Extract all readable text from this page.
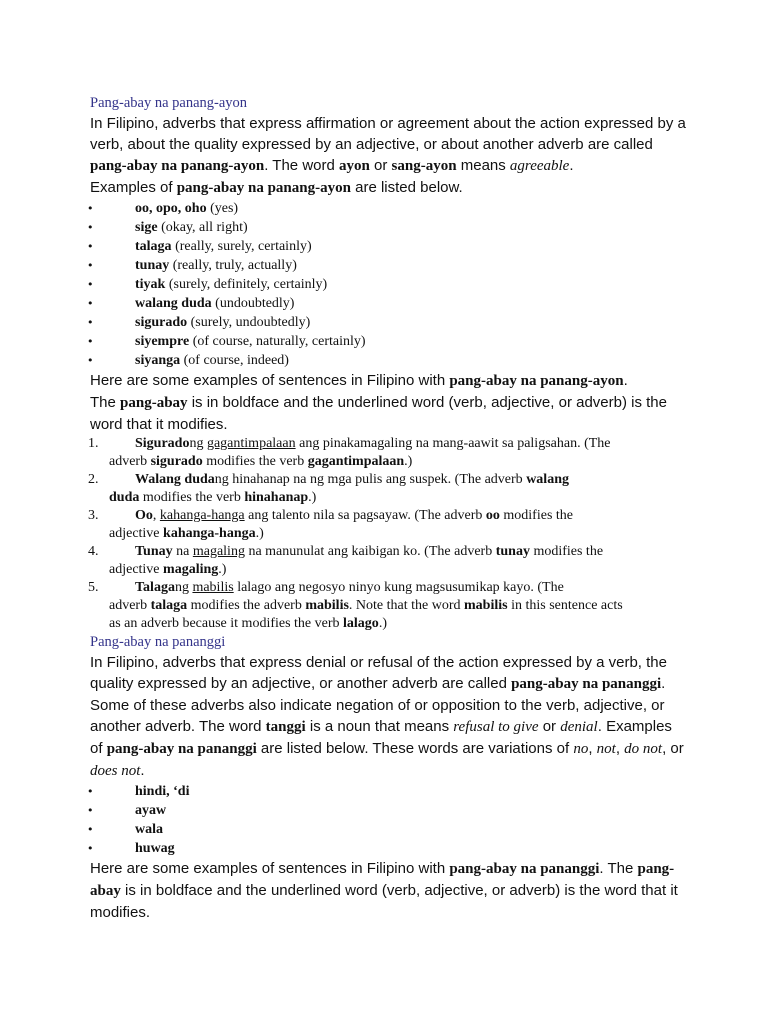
Pang-abay na panang-ayon

In Filipino, adverbs that express affirmation or agreement about the action expressed by a verb, about the quality expressed by an adjective, or about another adverb are called pang-abay na panang-ayon. The word ayon or sang-ayon means agreeable.

Examples of pang-abay na panang-ayon are listed below.

•	oo, opo, oho (yes)
•	sige (okay, all right)
•	talaga (really, surely, certainly)
•	tunay (really, truly, actually)
•	tiyak (surely, definitely, certainly)
•	walang duda (undoubtedly)
•	sigurado (surely, undoubtedly)
•	siyempre (of course, naturally, certainly)
•	siyanga (of course, indeed)

Here are some examples of sentences in Filipino with pang-abay na panang-ayon.
The pang-abay is in boldface and the underlined word (verb, adjective, or adverb) is the word that it modifies.

1.	Siguradong gagantimpalaan ang pinakamagaling na mang-aawit sa paligsahan. (The
adverb sigurado modifies the verb gagantimpalaan.)
2.	Walang dudang hinahanap na ng mga pulis ang suspek. (The adverb walang
duda modifies the verb hinahanap.)
3.	Oo, kahanga-hanga ang talento nila sa pagsayaw. (The adverb oo modifies the
adjective kahanga-hanga.)
4.	Tunay na magaling na manunulat ang kaibigan ko. (The adverb tunay modifies the
adjective magaling.)
5.	Talagang mabilis lalago ang negosyo ninyo kung magsusumikap kayo. (The
adverb talaga modifies the adverb mabilis. Note that the word mabilis in this sentence acts
as an adverb because it modifies the verb lalago.)
Pang-abay na pananggi

In Filipino, adverbs that express denial or refusal of the action expressed by a verb, the quality expressed by an adjective, or another adverb are called pang-abay na pananggi. Some of these adverbs also indicate negation of or opposition to the verb, adjective, or another adverb. The word tanggi is a noun that means refusal to give or denial. Examples of pang-abay na pananggi are listed below. These words are variations of no, not, do not, or does not.

•	hindi, ‘di
•	ayaw
•	wala
•	huwag

Here are some examples of sentences in Filipino with pang-abay na pananggi. The pang-abay is in boldface and the underlined word (verb, adjective, or adverb) is the word that it modifies.
